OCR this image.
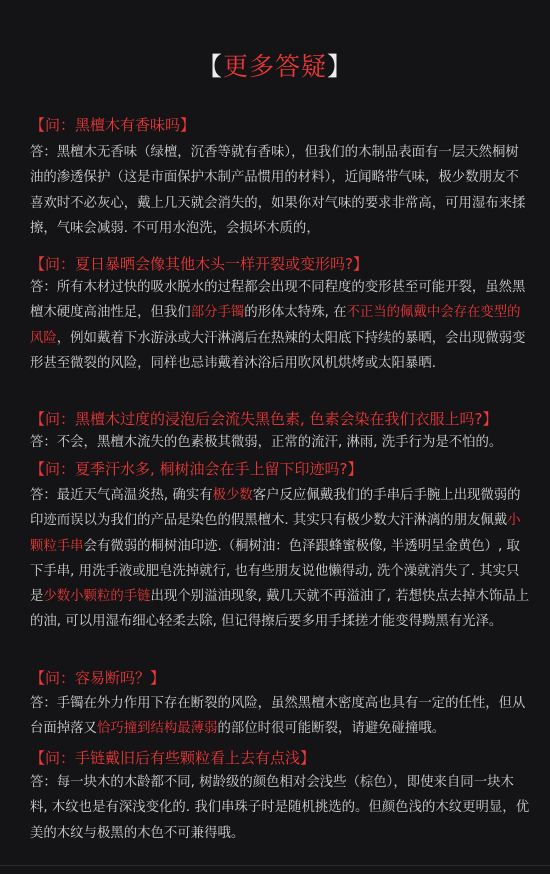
【更多答疑】
【问：黑檀木有香味吗】
答：黑檀木无香味（绿檀，沉香等就有香味），但我们的木制品表面有一层天然桐树油的渗透保护（这是市面保护木制产品惯用的材料），近闻略带气味，极少数朋友不喜欢时不必灰心，戴上几天就会消失的，如果你对气味的要求非常高，可用湿布来揉擦，气味会减弱. 不可用水泡洗，会损坏木质的，
【问：夏日暴晒会像其他木头一样开裂或变形吗?】
答：所有木材过快的吸水脱水的过程都会出现不同程度的变形甚至可能开裂，虽然黑檀木硬度高油性足，但我们部分手镯的形体太特殊, 在不正当的佩戴中会存在变型的风险，例如戴着下水游泳或大汗淋漓后在热辣的太阳底下持续的暴晒，会出现微弱变形甚至微裂的风险，同样也忌讳戴着沐浴后用吹风机烘烤或太阳暴晒.
【问：黑檀木过度的浸泡后会流失黑色素, 色素会染在我们衣服上吗?】
答：不会，黑檀木流失的色素极其微弱，正常的流汗, 淋雨, 洗手行为是不怕的。
【问：夏季汗水多, 桐树油会在手上留下印迹吗?】
答：最近天气高温炎热, 确实有极少数客户反应佩戴我们的手串后手腕上出现微弱的印迹而误以为我们的产品是染色的假黑檀木. 其实只有极少数大汗淋漓的朋友佩戴小颗粒手串会有微弱的桐树油印迹.（桐树油：色泽跟蜂蜜极像, 半透明呈金黄色）, 取下手串, 用洗手液或肥皂洗掉就行, 也有些朋友说他懒得动, 洗个澡就消失了. 其实只是少数小颗粒的手链出现个别溢油现象, 戴几天就不再溢油了, 若想快点去掉木饰品上的油, 可以用湿布细心轻柔去除, 但记得擦后要多用手揉搓才能变得黝黑有光泽。
【问：容易断吗？】
答：手镯在外力作用下存在断裂的风险，虽然黑檀木密度高也具有一定的任性，但从台面掉落又恰巧撞到结构最薄弱的部位时很可能断裂，请避免碰撞哦。
【问：手链戴旧后有些颗粒看上去有点浅】
答：每一块木的木龄都不同, 树龄级的颜色相对会浅些（棕色），即使来自同一块木料, 木纹也是有深浅变化的. 我们串珠子时是随机挑选的。但颜色浅的木纹更明显，优美的木纹与极黑的木色不可兼得哦。
